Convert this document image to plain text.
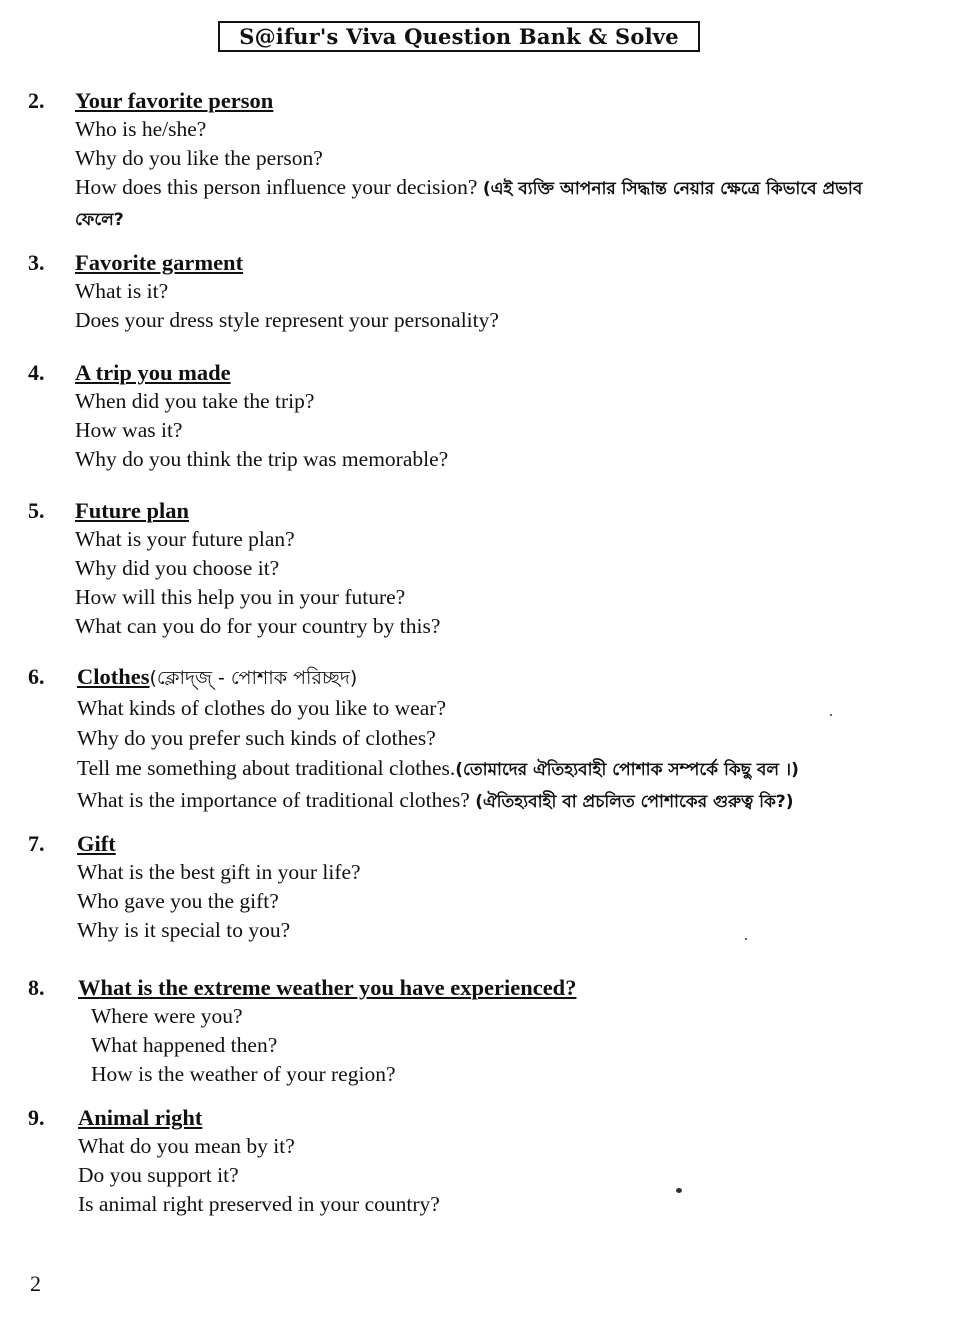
S@ifur's Viva Question Bank & Solve
2. Your favorite person
Who is he/she?
Why do you like the person?
How does this person influence your decision? (এই ব্যক্তি আপনার সিদ্ধান্ত নেয়ার ক্ষেত্রে কিভাবে প্রভাব ফেলে?
3. Favorite garment
What is it?
Does your dress style represent your personality?
4. A trip you made
When did you take the trip?
How was it?
Why do you think the trip was memorable?
5. Future plan
What is your future plan?
Why did you choose it?
How will this help you in your future?
What can you do for your country by this?
6. Clothes(ক্লোদ্জ্ - পোশাক পরিচ্ছদ)
What kinds of clothes do you like to wear?
Why do you prefer such kinds of clothes?
Tell me something about traditional clothes.(তোমাদের ঐতিহ্যবাহী পোশাক সম্পর্কে কিছু বল ।)
What is the importance of traditional clothes? (ঐতিহ্যবাহী বা প্রচলিত পোশাকের গুরুত্ব কি?)
7. Gift
What is the best gift in your life?
Who gave you the gift?
Why is it special to you?
8. What is the extreme weather you have experienced?
Where were you?
What happened then?
How is the weather of your region?
9. Animal right
What do you mean by it?
Do you support it?
Is animal right preserved in your country?
2
